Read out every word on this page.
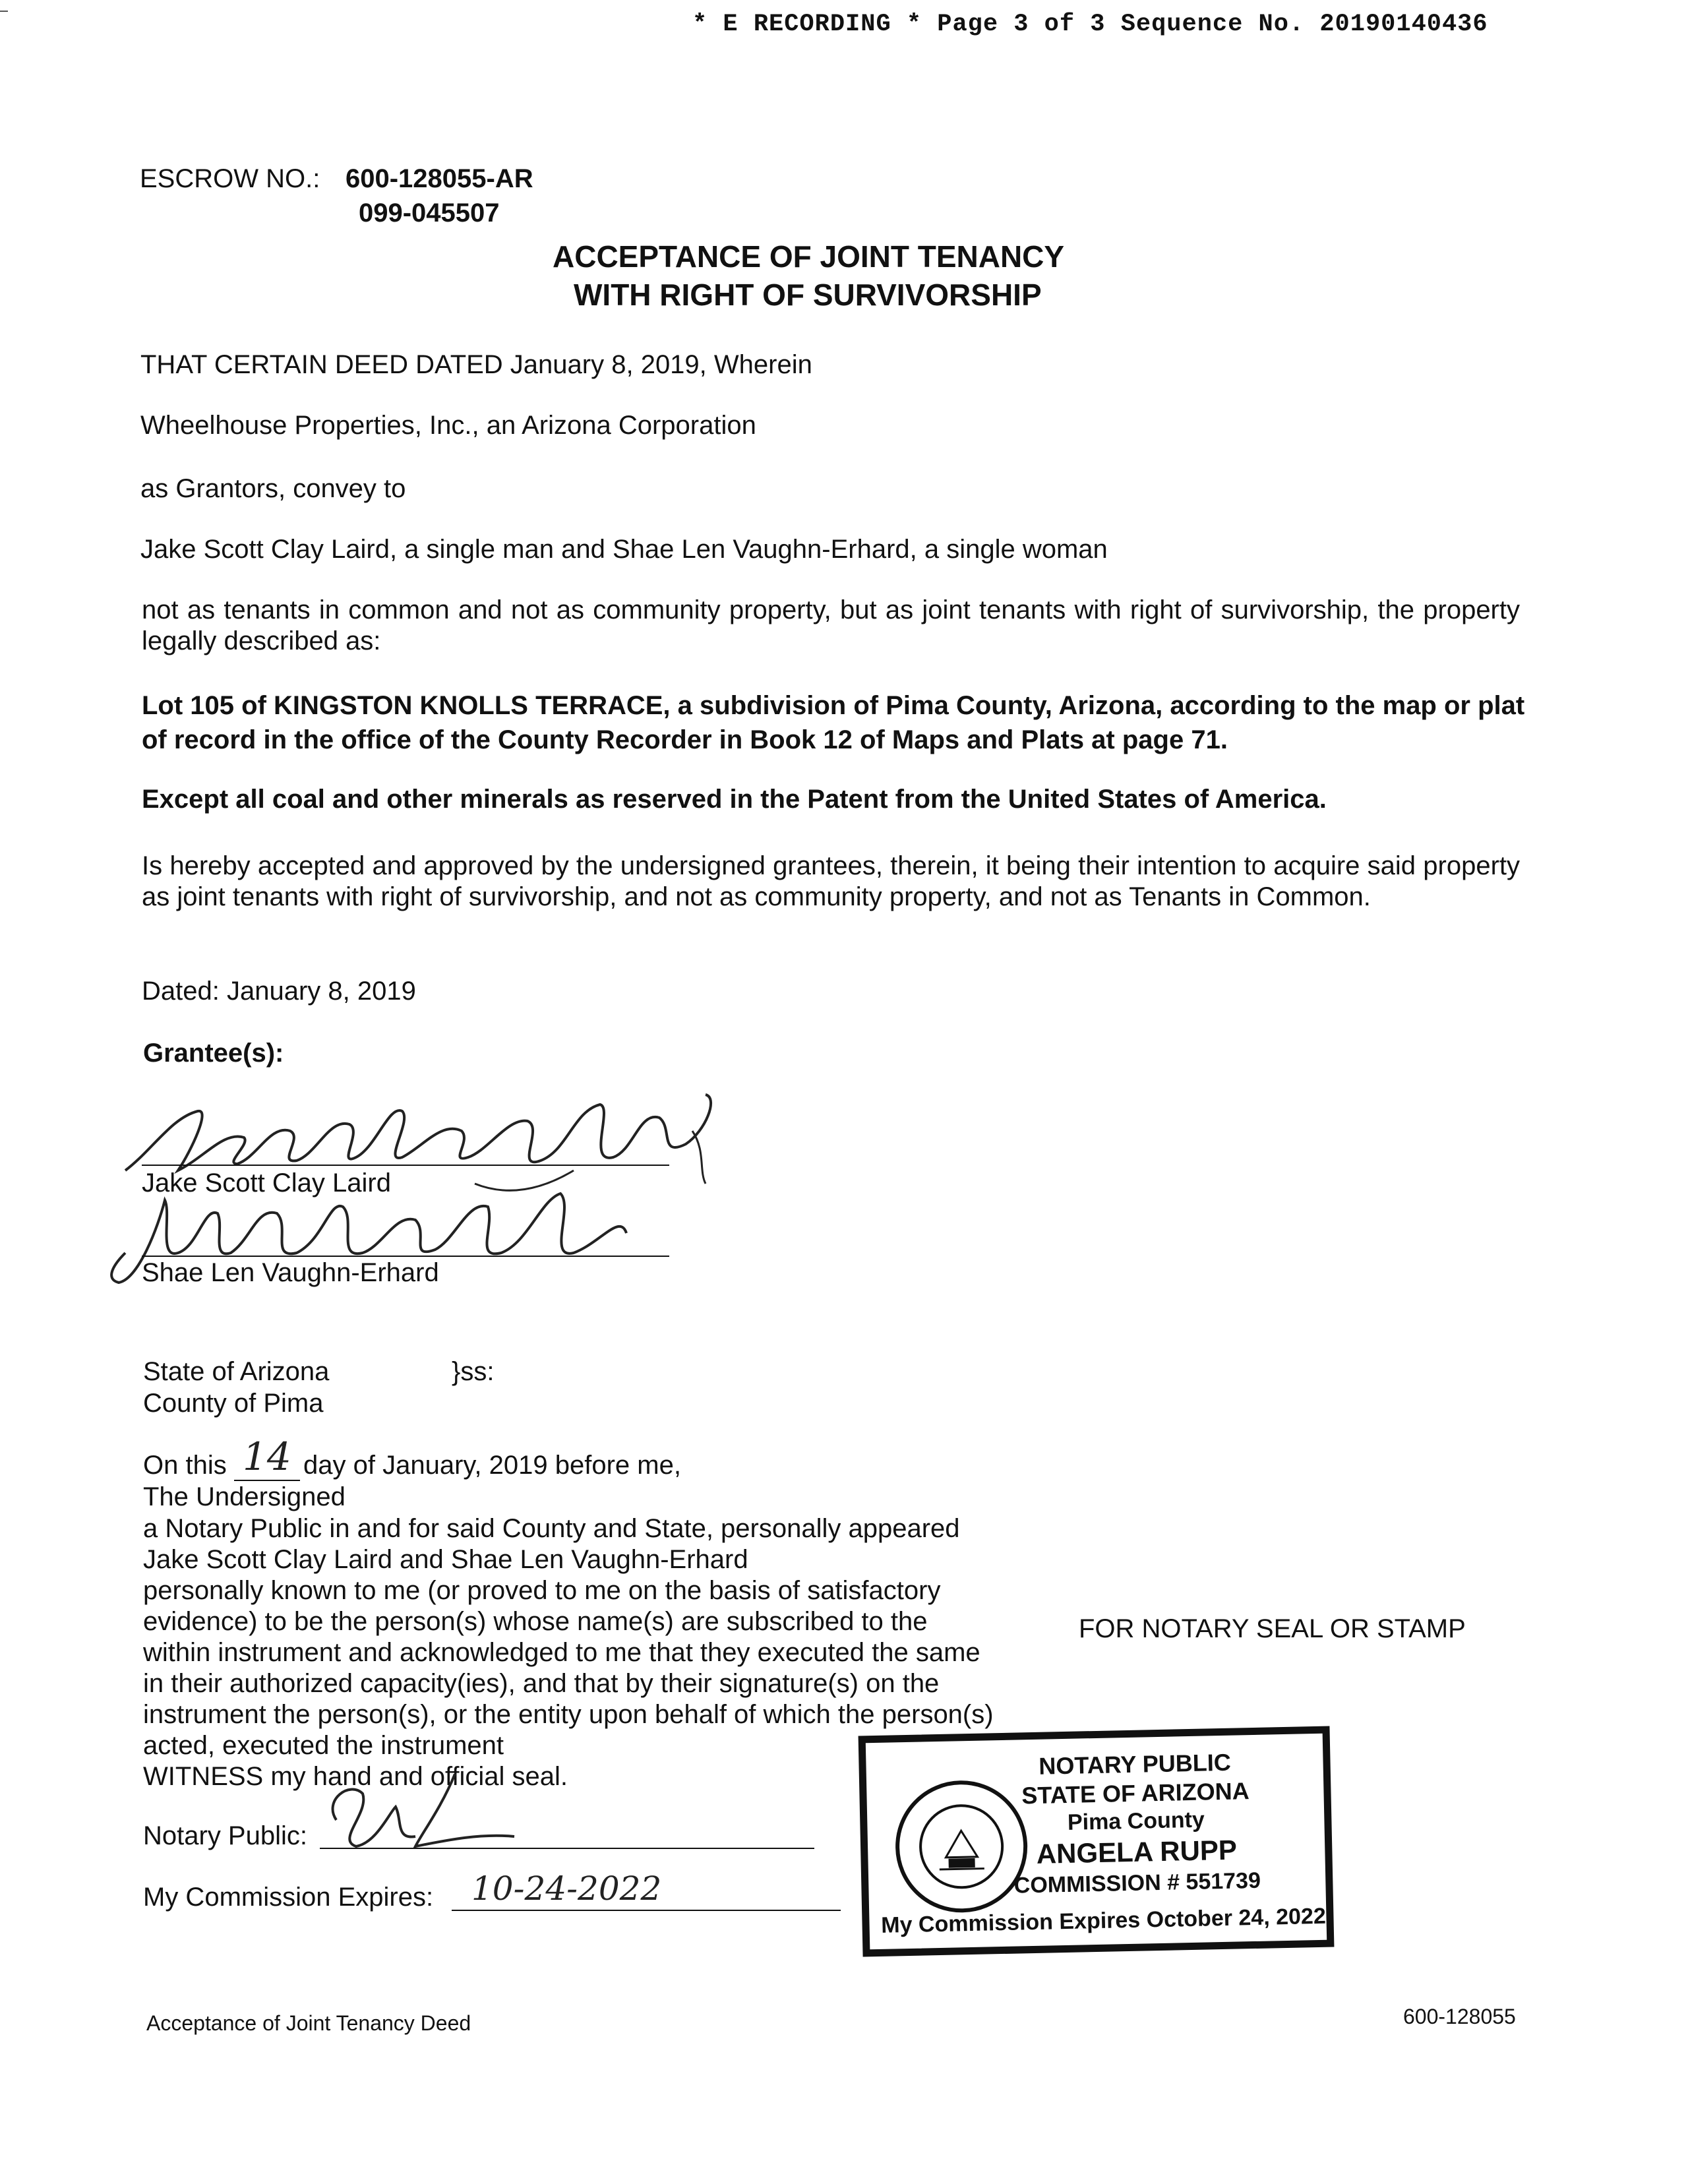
* E RECORDING * Page 3 of 3 Sequence No. 20190140436
ESCROW NO.: 600-128055-AR
099-045507
ACCEPTANCE OF JOINT TENANCY
WITH RIGHT OF SURVIVORSHIP
THAT CERTAIN DEED DATED January 8, 2019, Wherein
Wheelhouse Properties, Inc., an Arizona Corporation
as Grantors, convey to
Jake Scott Clay Laird, a single man and Shae Len Vaughn-Erhard, a single woman
not as tenants in common and not as community property, but as joint tenants with right of survivorship, the property legally described as:
Lot 105 of KINGSTON KNOLLS TERRACE, a subdivision of Pima County, Arizona, according to the map or plat of record in the office of the County Recorder in Book 12 of Maps and Plats at page 71.
Except all coal and other minerals as reserved in the Patent from the United States of America.
Is hereby accepted and approved by the undersigned grantees, therein, it being their intention to acquire said property as joint tenants with right of survivorship, and not as community property, and not as Tenants in Common.
Dated: January 8, 2019
Grantee(s):
Jake Scott Clay Laird
Shae Len Vaughn-Erhard
State of Arizona	}ss:
County of Pima
On this 14 day of January, 2019 before me,
The Undersigned
a Notary Public in and for said County and State, personally appeared
Jake Scott Clay Laird and Shae Len Vaughn-Erhard
personally known to me (or proved to me on the basis of satisfactory
evidence) to be the person(s) whose name(s) are subscribed to the
within instrument and acknowledged to me that they executed the same
in their authorized capacity(ies), and that by their signature(s) on the
instrument the person(s), or the entity upon behalf of which the person(s)
acted, executed the instrument
WITNESS my hand and official seal.
FOR NOTARY SEAL OR STAMP
Notary Public:
My Commission Expires: 10-24-2022
NOTARY PUBLIC
STATE OF ARIZONA
Pima County
ANGELA RUPP
COMMISSION # 551739
My Commission Expires October 24, 2022
Acceptance of Joint Tenancy Deed	600-128055
